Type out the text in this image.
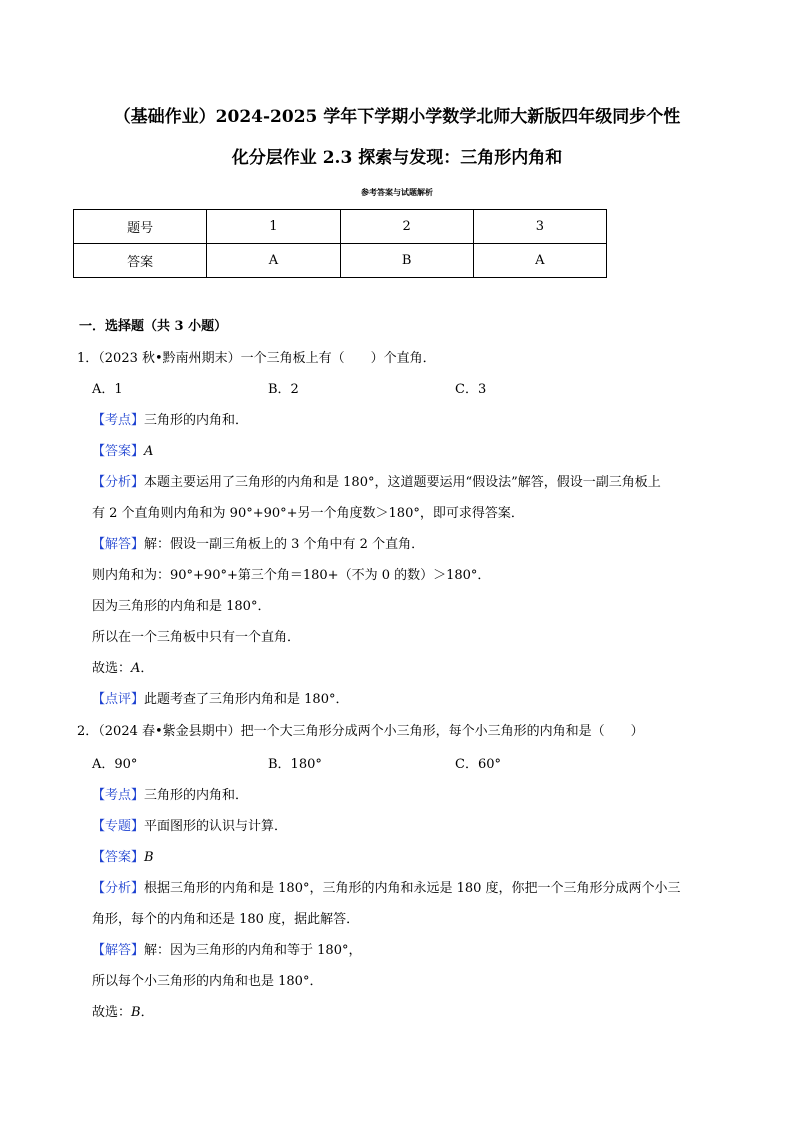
（基础作业）2024-2025 学年下学期小学数学北师大新版四年级同步个性
化分层作业 2.3 探索与发现：三角形内角和
参考答案与试题解析
题号	1	2	3
答案	A	B	A
一．选择题（共 3 小题）
1．（2023 秋•黔南州期末）一个三角板上有（　　）个直角．
A．1	B．2	C．3
【考点】三角形的内角和．
【答案】A
【分析】本题主要运用了三角形的内角和是 180°，这道题要运用“假设法”解答，假设一副三角板上
有 2 个直角则内角和为 90°+90°+另一个角度数＞180°，即可求得答案．
【解答】解：假设一副三角板上的 3 个角中有 2 个直角．
则内角和为：90°+90°+第三个角＝180+（不为 0 的数）＞180°．
因为三角形的内角和是 180°．
所以在一个三角板中只有一个直角．
故选：A．
【点评】此题考查了三角形内角和是 180°．
2．（2024 春•紫金县期中）把一个大三角形分成两个小三角形，每个小三角形的内角和是（　　）
A．90°	B．180°	C．60°
【考点】三角形的内角和．
【专题】平面图形的认识与计算．
【答案】B
【分析】根据三角形的内角和是 180°，三角形的内角和永远是 180 度，你把一个三角形分成两个小三
角形，每个的内角和还是 180 度，据此解答．
【解答】解：因为三角形的内角和等于 180°，
所以每个小三角形的内角和也是 180°．
故选：B．
